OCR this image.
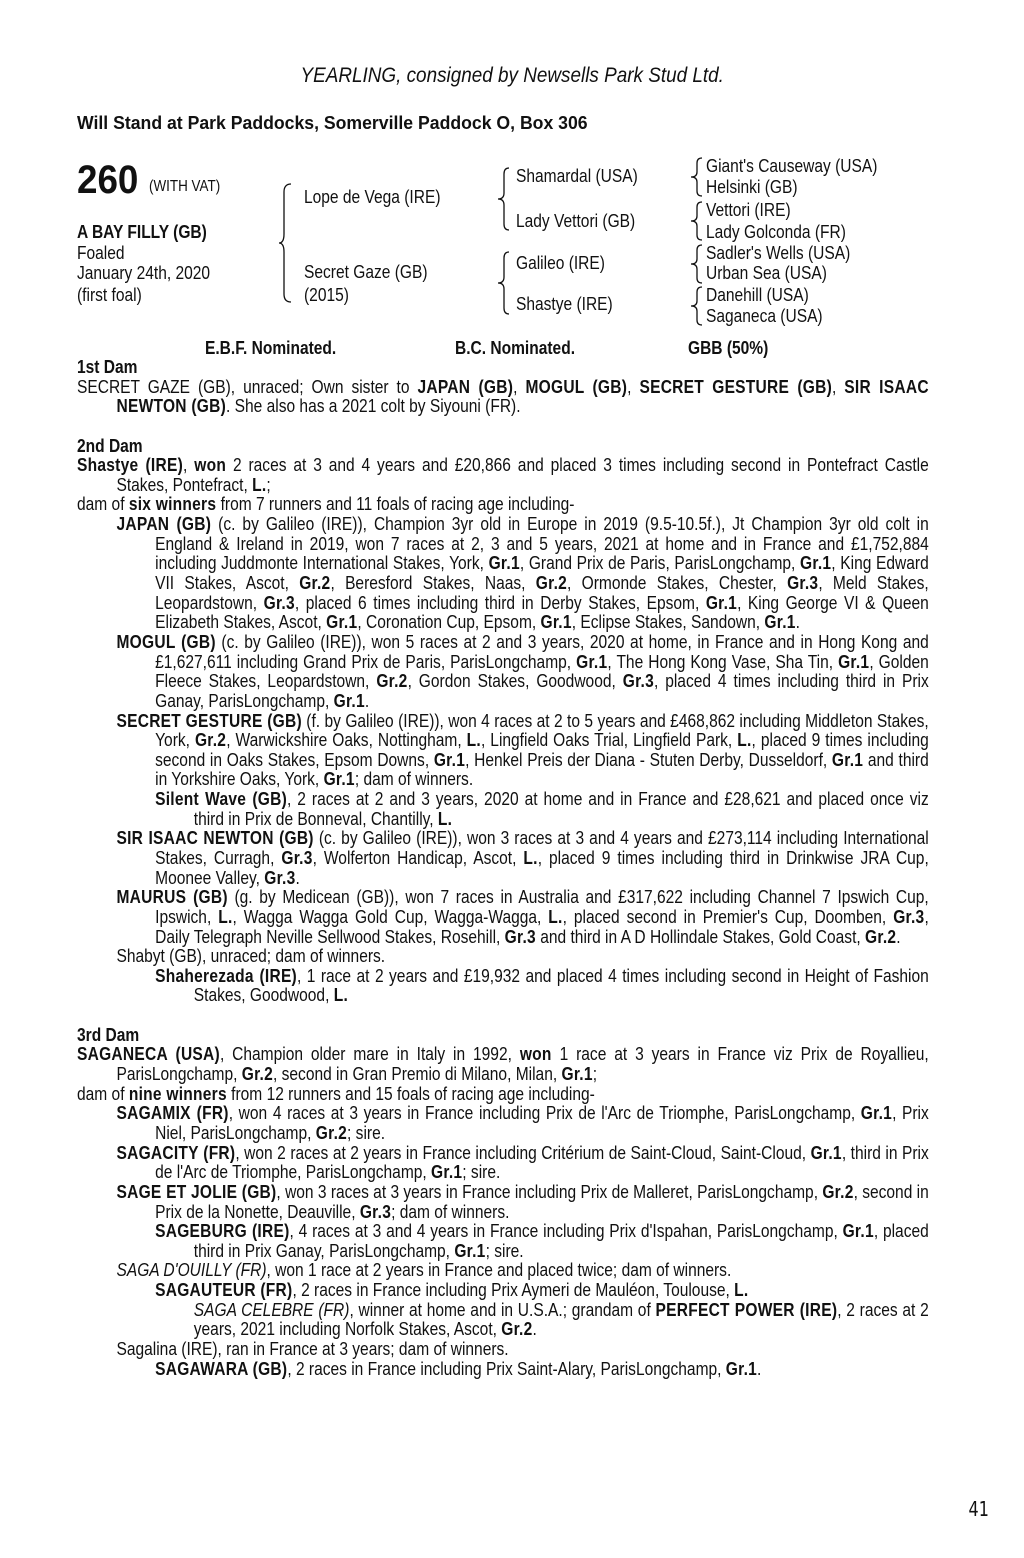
YEARLING, consigned by Newsells Park Stud Ltd.
Will Stand at Park Paddocks, Somerville Paddock O, Box 306
260 (WITH VAT)
A BAY FILLY (GB)
Foaled
January 24th, 2020
(first foal)
Lope de Vega (IRE)
Secret Gaze (GB)
(2015)
Shamardal (USA)
Lady Vettori (GB)
Galileo (IRE)
Shastye (IRE)
Giant's Causeway (USA)
Helsinki (GB)
Vettori (IRE)
Lady Golconda (FR)
Sadler's Wells (USA)
Urban Sea (USA)
Danehill (USA)
Saganeca (USA)
E.B.F. Nominated.	B.C. Nominated.	GBB (50%)

1st Dam

SECRET GAZE (GB), unraced; Own sister to JAPAN (GB), MOGUL (GB), SECRET GESTURE (GB), SIR ISAAC NEWTON (GB). She also has a 2021 colt by Siyouni (FR).

2nd Dam

Shastye (IRE), won 2 races at 3 and 4 years and £20,866 and placed 3 times including second in Pontefract Castle Stakes, Pontefract, L.;

dam of six winners from 7 runners and 11 foals of racing age including-

JAPAN (GB) (c. by Galileo (IRE)), Champion 3yr old in Europe in 2019 (9.5-10.5f.), Jt Champion 3yr old colt in England & Ireland in 2019, won 7 races at 2, 3 and 5 years, 2021 at home and in France and £1,752,884 including Juddmonte International Stakes, York, Gr.1, Grand Prix de Paris, ParisLongchamp, Gr.1, King Edward VII Stakes, Ascot, Gr.2, Beresford Stakes, Naas, Gr.2, Ormonde Stakes, Chester, Gr.3, Meld Stakes, Leopardstown, Gr.3, placed 6 times including third in Derby Stakes, Epsom, Gr.1, King George VI & Queen Elizabeth Stakes, Ascot, Gr.1, Coronation Cup, Epsom, Gr.1, Eclipse Stakes, Sandown, Gr.1.

MOGUL (GB) (c. by Galileo (IRE)), won 5 races at 2 and 3 years, 2020 at home, in France and in Hong Kong and £1,627,611 including Grand Prix de Paris, ParisLongchamp, Gr.1, The Hong Kong Vase, Sha Tin, Gr.1, Golden Fleece Stakes, Leopardstown, Gr.2, Gordon Stakes, Goodwood, Gr.3, placed 4 times including third in Prix Ganay, ParisLongchamp, Gr.1.

SECRET GESTURE (GB) (f. by Galileo (IRE)), won 4 races at 2 to 5 years and £468,862 including Middleton Stakes, York, Gr.2, Warwickshire Oaks, Nottingham, L., Lingfield Oaks Trial, Lingfield Park, L., placed 9 times including second in Oaks Stakes, Epsom Downs, Gr.1, Henkel Preis der Diana - Stuten Derby, Dusseldorf, Gr.1 and third in Yorkshire Oaks, York, Gr.1; dam of winners.

Silent Wave (GB), 2 races at 2 and 3 years, 2020 at home and in France and £28,621 and placed once viz third in Prix de Bonneval, Chantilly, L.

SIR ISAAC NEWTON (GB) (c. by Galileo (IRE)), won 3 races at 3 and 4 years and £273,114 including International Stakes, Curragh, Gr.3, Wolferton Handicap, Ascot, L., placed 9 times including third in Drinkwise JRA Cup, Moonee Valley, Gr.3.

MAURUS (GB) (g. by Medicean (GB)), won 7 races in Australia and £317,622 including Channel 7 Ipswich Cup, Ipswich, L., Wagga Wagga Gold Cup, Wagga-Wagga, L., placed second in Premier's Cup, Doomben, Gr.3, Daily Telegraph Neville Sellwood Stakes, Rosehill, Gr.3 and third in A D Hollindale Stakes, Gold Coast, Gr.2.

Shabyt (GB), unraced; dam of winners.

Shaherezada (IRE), 1 race at 2 years and £19,932 and placed 4 times including second in Height of Fashion Stakes, Goodwood, L.

3rd Dam

SAGANECA (USA), Champion older mare in Italy in 1992, won 1 race at 3 years in France viz Prix de Royallieu, ParisLongchamp, Gr.2, second in Gran Premio di Milano, Milan, Gr.1;

dam of nine winners from 12 runners and 15 foals of racing age including-

SAGAMIX (FR), won 4 races at 3 years in France including Prix de l'Arc de Triomphe, ParisLongchamp, Gr.1, Prix Niel, ParisLongchamp, Gr.2; sire.

SAGACITY (FR), won 2 races at 2 years in France including Critérium de Saint-Cloud, Saint-Cloud, Gr.1, third in Prix de l'Arc de Triomphe, ParisLongchamp, Gr.1; sire.

SAGE ET JOLIE (GB), won 3 races at 3 years in France including Prix de Malleret, ParisLongchamp, Gr.2, second in Prix de la Nonette, Deauville, Gr.3; dam of winners.

SAGEBURG (IRE), 4 races at 3 and 4 years in France including Prix d'Ispahan, ParisLongchamp, Gr.1, placed third in Prix Ganay, ParisLongchamp, Gr.1; sire.

SAGA D'OUILLY (FR), won 1 race at 2 years in France and placed twice; dam of winners.

SAGAUTEUR (FR), 2 races in France including Prix Aymeri de Mauléon, Toulouse, L.

SAGA CELEBRE (FR), winner at home and in U.S.A.; grandam of PERFECT POWER (IRE), 2 races at 2 years, 2021 including Norfolk Stakes, Ascot, Gr.2.

Sagalina (IRE), ran in France at 3 years; dam of winners.

SAGAWARA (GB), 2 races in France including Prix Saint-Alary, ParisLongchamp, Gr.1.

41
